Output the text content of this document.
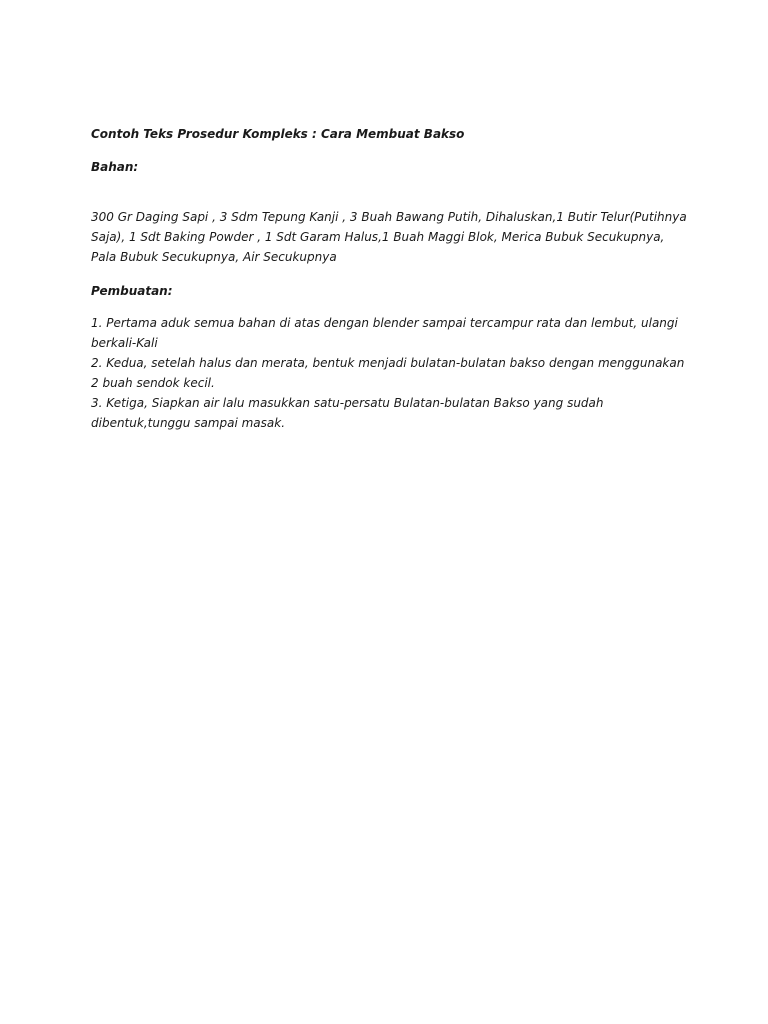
Contoh Teks Prosedur Kompleks : Cara Membuat Bakso

Bahan:

300 Gr Daging Sapi , 3 Sdm Tepung Kanji , 3 Buah Bawang Putih, Dihaluskan,1 Butir Telur(Putihnya Saja), 1 Sdt Baking Powder , 1 Sdt Garam Halus,1 Buah Maggi Blok, Merica Bubuk Secukupnya, Pala Bubuk Secukupnya, Air Secukupnya

Pembuatan:

1. Pertama aduk semua bahan di atas dengan blender sampai tercampur rata dan lembut, ulangi berkali-Kali

2. Kedua, setelah halus dan merata, bentuk menjadi bulatan-bulatan bakso dengan menggunakan 2 buah sendok kecil.

3. Ketiga, Siapkan air lalu masukkan satu-persatu Bulatan-bulatan Bakso yang sudah dibentuk,tunggu sampai masak.
